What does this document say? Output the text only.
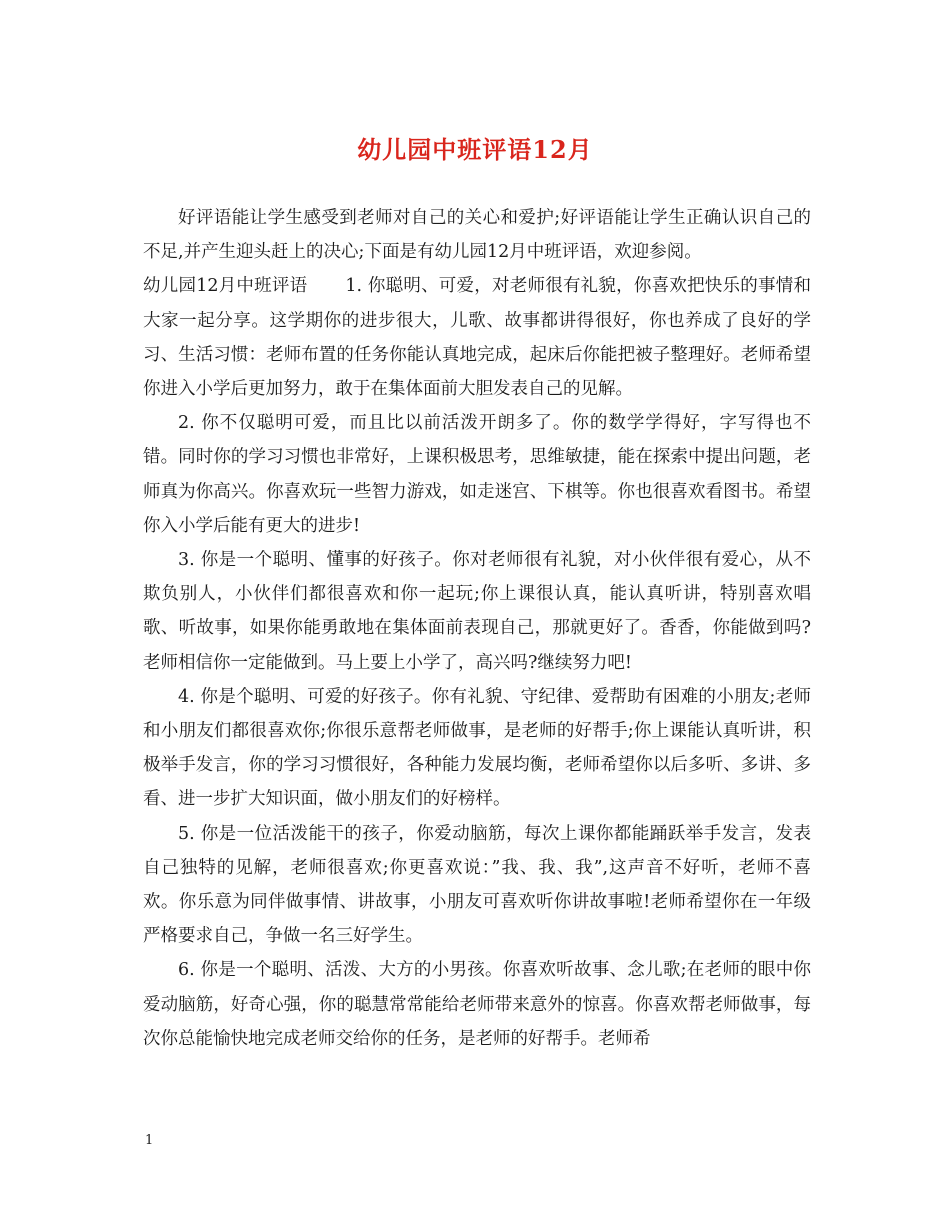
幼儿园中班评语12月

好评语能让学生感受到老师对自己的关心和爱护;好评语能让学生正确认识自己的不足,并产生迎头赶上的决心;下面是有幼儿园12月中班评语，欢迎参阅。

幼儿园12月中班评语 1. 你聪明、可爱，对老师很有礼貌，你喜欢把快乐的事情和大家一起分享。这学期你的进步很大，儿歌、故事都讲得很好，你也养成了良好的学习、生活习惯：老师布置的任务你能认真地完成，起床后你能把被子整理好。老师希望你进入小学后更加努力，敢于在集体面前大胆发表自己的见解。

2. 你不仅聪明可爱，而且比以前活泼开朗多了。你的数学学得好，字写得也不错。同时你的学习习惯也非常好，上课积极思考，思维敏捷，能在探索中提出问题，老师真为你高兴。你喜欢玩一些智力游戏，如走迷宫、下棋等。你也很喜欢看图书。希望你入小学后能有更大的进步!

3. 你是一个聪明、懂事的好孩子。你对老师很有礼貌，对小伙伴很有爱心，从不欺负别人，小伙伴们都很喜欢和你一起玩;你上课很认真，能认真听讲，特别喜欢唱歌、听故事，如果你能勇敢地在集体面前表现自己，那就更好了。香香，你能做到吗?老师相信你一定能做到。马上要上小学了，高兴吗?继续努力吧!

4. 你是个聪明、可爱的好孩子。你有礼貌、守纪律、爱帮助有困难的小朋友;老师和小朋友们都很喜欢你;你很乐意帮老师做事，是老师的好帮手;你上课能认真听讲，积极举手发言，你的学习习惯很好，各种能力发展均衡，老师希望你以后多听、多讲、多看、进一步扩大知识面，做小朋友们的好榜样。

5. 你是一位活泼能干的孩子，你爱动脑筋，每次上课你都能踊跃举手发言，发表自己独特的见解，老师很喜欢;你更喜欢说：”我、我、我”,这声音不好听，老师不喜欢。你乐意为同伴做事情、讲故事，小朋友可喜欢听你讲故事啦!老师希望你在一年级严格要求自己，争做一名三好学生。

6. 你是一个聪明、活泼、大方的小男孩。你喜欢听故事、念儿歌;在老师的眼中你爱动脑筋，好奇心强，你的聪慧常常能给老师带来意外的惊喜。你喜欢帮老师做事，每次你总能愉快地完成老师交给你的任务，是老师的好帮手。老师希

1
